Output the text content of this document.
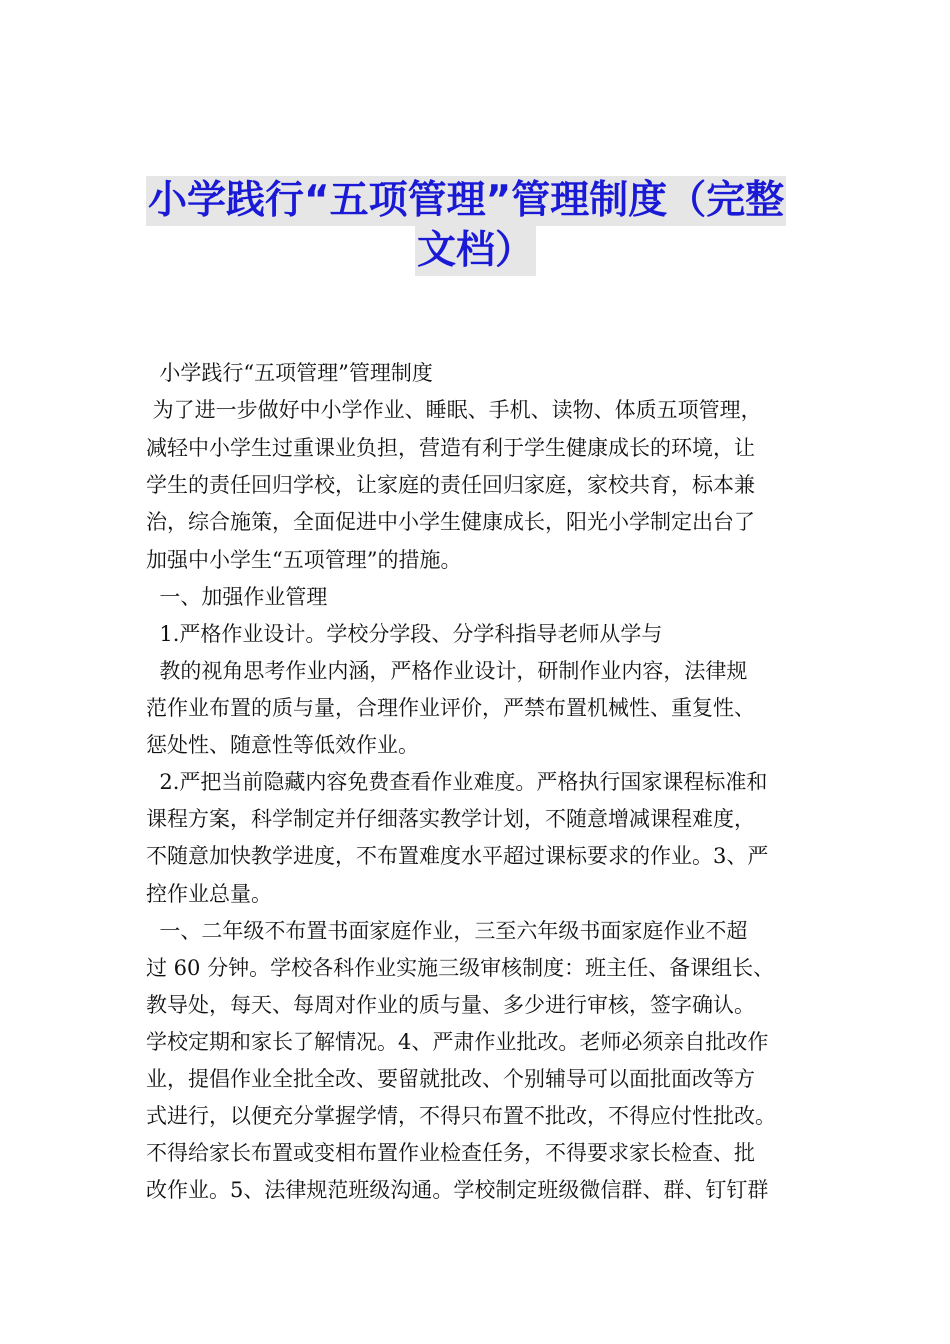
小学践行“五项管理”管理制度（完整
文档）
小学践行“五项管理”管理制度
为了进一步做好中小学作业、睡眠、手机、读物、体质五项管理，
减轻中小学生过重课业负担，营造有利于学生健康成长的环境，让
学生的责任回归学校，让家庭的责任回归家庭，家校共育，标本兼
治，综合施策，全面促进中小学生健康成长，阳光小学制定出台了
加强中小学生“五项管理”的措施。
一、加强作业管理
1.严格作业设计。学校分学段、分学科指导老师从学与
教的视角思考作业内涵，严格作业设计，研制作业内容，法律规
范作业布置的质与量，合理作业评价，严禁布置机械性、重复性、
惩处性、随意性等低效作业。
2.严把当前隐藏内容免费查看作业难度。严格执行国家课程标准和
课程方案，科学制定并仔细落实教学计划，不随意增减课程难度，
不随意加快教学进度，不布置难度水平超过课标要求的作业。3、严
控作业总量。
一、二年级不布置书面家庭作业，三至六年级书面家庭作业不超
过 60 分钟。学校各科作业实施三级审核制度：班主任、备课组长、
教导处，每天、每周对作业的质与量、多少进行审核，签字确认。
学校定期和家长了解情况。4、严肃作业批改。老师必须亲自批改作
业，提倡作业全批全改、要留就批改、个别辅导可以面批面改等方
式进行，以便充分掌握学情，不得只布置不批改，不得应付性批改。
不得给家长布置或变相布置作业检查任务，不得要求家长检查、批
改作业。5、法律规范班级沟通。学校制定班级微信群、群、钉钉群
